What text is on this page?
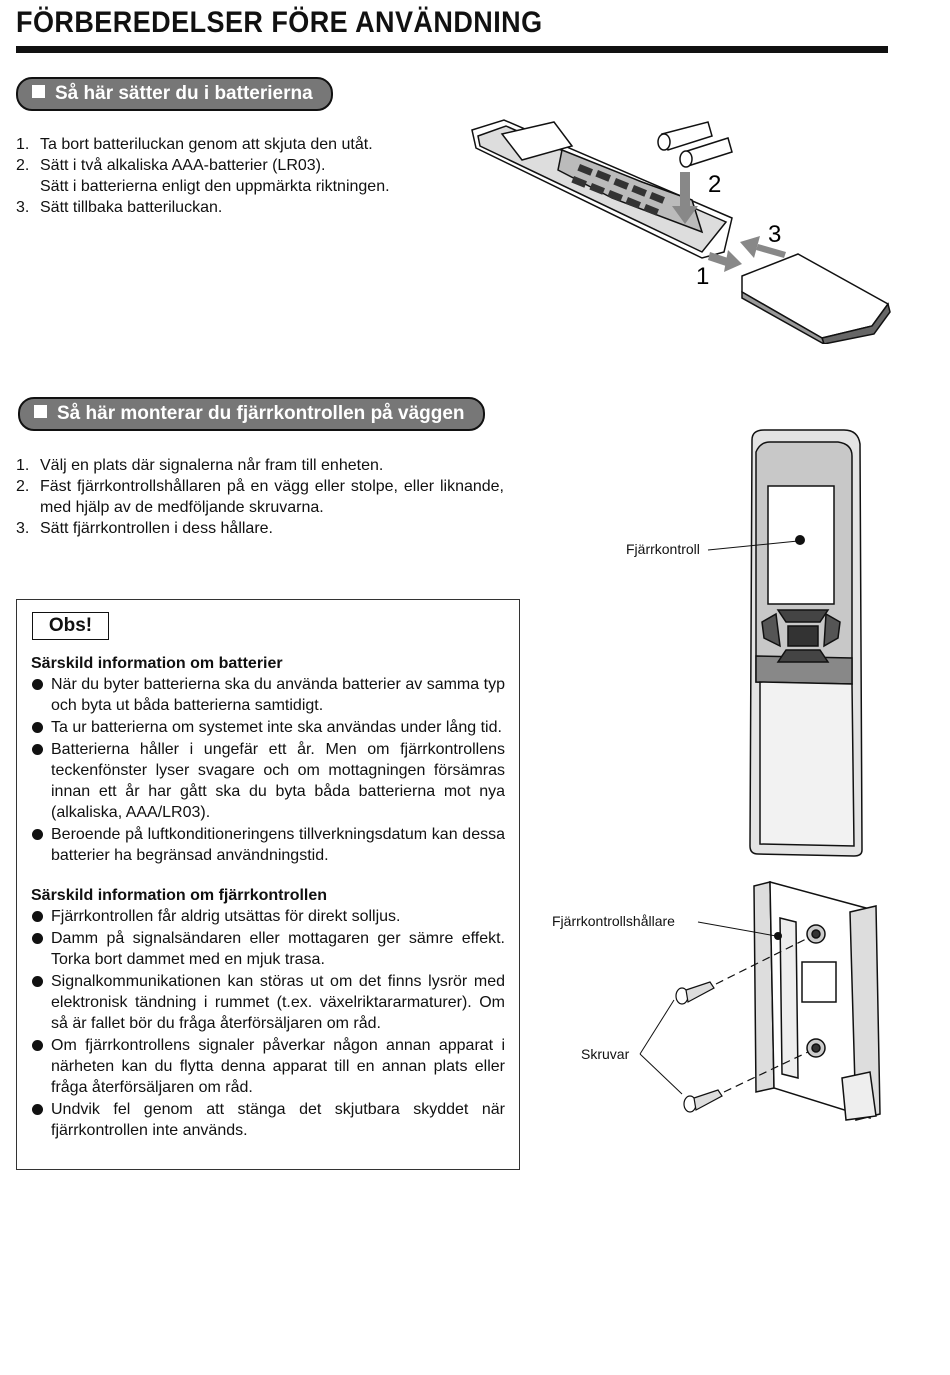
FÖRBEREDELSER FÖRE ANVÄNDNING
Så här sätter du i batterierna
1. Ta bort batteriluckan genom att skjuta den utåt.
2. Sätt i två alkaliska AAA-batterier (LR03).
Sätt i batterierna enligt den uppmärkta riktningen.
3. Sätt tillbaka batteriluckan.
2
3
1
Så här monterar du fjärrkontrollen på väggen
1. Välj en plats där signalerna når fram till enheten.
2. Fäst fjärrkontrollshållaren på en vägg eller stolpe, eller liknande, med hjälp av de medföljande skruvarna.
3. Sätt fjärrkontrollen i dess hållare.
Fjärrkontroll
Fjärrkontrollshållare
Skruvar
Obs!
Särskild information om batterier
När du byter batterierna ska du använda batterier av samma typ och byta ut båda batterierna samtidigt.
Ta ur batterierna om systemet inte ska användas under lång tid.
Batterierna håller i ungefär ett år. Men om fjärrkontrollens teckenfönster lyser svagare och om mottagningen försämras innan ett år har gått ska du byta båda batterierna mot nya (alkaliska, AAA/LR03).
Beroende på luftkonditioneringens tillverkningsdatum kan dessa batterier ha begränsad användningstid.
Särskild information om fjärrkontrollen
Fjärrkontrollen får aldrig utsättas för direkt solljus.
Damm på signalsändaren eller mottagaren ger sämre effekt. Torka bort dammet med en mjuk trasa.
Signalkommunikationen kan störas ut om det finns lysrör med elektronisk tändning i rummet (t.ex. växelriktararmaturer). Om så är fallet bör du fråga återförsäljaren om råd.
Om fjärrkontrollens signaler påverkar någon annan apparat i närheten kan du flytta denna apparat till en annan plats eller fråga återförsäljaren om råd.
Undvik fel genom att stänga det skjutbara skyddet när fjärrkontrollen inte används.
